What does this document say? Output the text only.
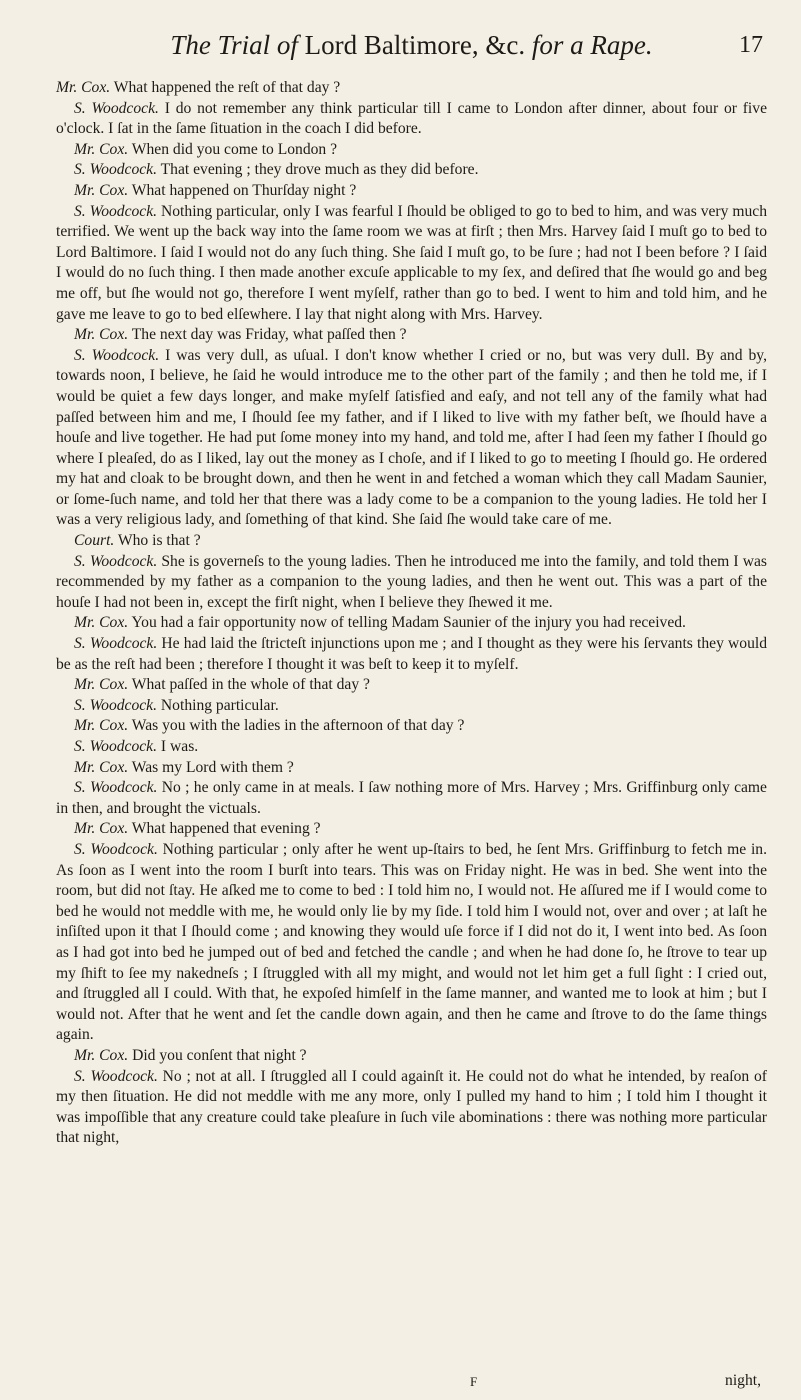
The Trial of Lord Baltimore, &c. for a Rape.	17

Mr. Cox. What happened the reſt of that day ?

S. Woodcock. I do not remember any think particular till I came to London after dinner, about four or five o'clock. I ſat in the ſame ſituation in the coach I did before.

Mr. Cox. When did you come to London ?

S. Woodcock. That evening ; they drove much as they did before.

Mr. Cox. What happened on Thurſday night ?

S. Woodcock. Nothing particular, only I was fearful I ſhould be obliged to go to bed to him, and was very much terrified. We went up the back way into the ſame room we was at firſt ; then Mrs. Harvey ſaid I muſt go to bed to Lord Baltimore. I ſaid I would not do any ſuch thing. She ſaid I muſt go, to be ſure ; had not I been before ? I ſaid I would do no ſuch thing. I then made another excuſe applicable to my ſex, and deſired that ſhe would go and beg me off, but ſhe would not go, therefore I went myſelf, rather than go to bed. I went to him and told him, and he gave me leave to go to bed elſewhere. I lay that night along with Mrs. Harvey.

Mr. Cox. The next day was Friday, what paſſed then ?

S. Woodcock. I was very dull, as uſual. I don't know whether I cried or no, but was very dull. By and by, towards noon, I believe, he ſaid he would introduce me to the other part of the family ; and then he told me, if I would be quiet a few days longer, and make myſelf ſatisfied and eaſy, and not tell any of the family what had paſſed between him and me, I ſhould ſee my father, and if I liked to live with my father beſt, we ſhould have a houſe and live together. He had put ſome money into my hand, and told me, after I had ſeen my father I ſhould go where I pleaſed, do as I liked, lay out the money as I choſe, and if I liked to go to meeting I ſhould go. He ordered my hat and cloak to be brought down, and then he went in and fetched a woman which they call Madam Saunier, or ſome-ſuch name, and told her that there was a lady come to be a companion to the young ladies. He told her I was a very religious lady, and ſomething of that kind. She ſaid ſhe would take care of me.

Court. Who is that ?

S. Woodcock. She is governeſs to the young ladies. Then he introduced me into the family, and told them I was recommended by my father as a companion to the young ladies, and then he went out. This was a part of the houſe I had not been in, except the firſt night, when I believe they ſhewed it me.

Mr. Cox. You had a fair opportunity now of telling Madam Saunier of the injury you had received.

S. Woodcock. He had laid the ſtricteſt injunctions upon me ; and I thought as they were his ſervants they would be as the reſt had been ; therefore I thought it was beſt to keep it to myſelf.

Mr. Cox. What paſſed in the whole of that day ?

S. Woodcock. Nothing particular.

Mr. Cox. Was you with the ladies in the afternoon of that day ?

S. Woodcock. I was.

Mr. Cox. Was my Lord with them ?

S. Woodcock. No ; he only came in at meals. I ſaw nothing more of Mrs. Harvey ; Mrs. Griffinburg only came in then, and brought the victuals.

Mr. Cox. What happened that evening ?

S. Woodcock. Nothing particular ; only after he went up-ſtairs to bed, he ſent Mrs. Griffinburg to fetch me in. As ſoon as I went into the room I burſt into tears. This was on Friday night. He was in bed. She went into the room, but did not ſtay. He aſked me to come to bed : I told him no, I would not. He aſſured me if I would come to bed he would not meddle with me, he would only lie by my ſide. I told him I would not, over and over ; at laſt he inſiſted upon it that I ſhould come ; and knowing they would uſe force if I did not do it, I went into bed. As ſoon as I had got into bed he jumped out of bed and fetched the candle ; and when he had done ſo, he ſtrove to tear up my ſhift to ſee my nakedneſs ; I ſtruggled with all my might, and would not let him get a full ſight : I cried out, and ſtruggled all I could. With that, he expoſed himſelf in the ſame manner, and wanted me to look at him ; but I would not. After that he went and ſet the candle down again, and then he came and ſtrove to do the ſame things again.

Mr. Cox. Did you conſent that night ?

S. Woodcock. No ; not at all. I ſtruggled all I could againſt it. He could not do what he intended, by reaſon of my then ſituation. He did not meddle with me any more, only I pulled my hand to him ; I told him I thought it was impoſſible that any creature could take pleaſure in ſuch vile abominations : there was nothing more particular that night,

F	night,
